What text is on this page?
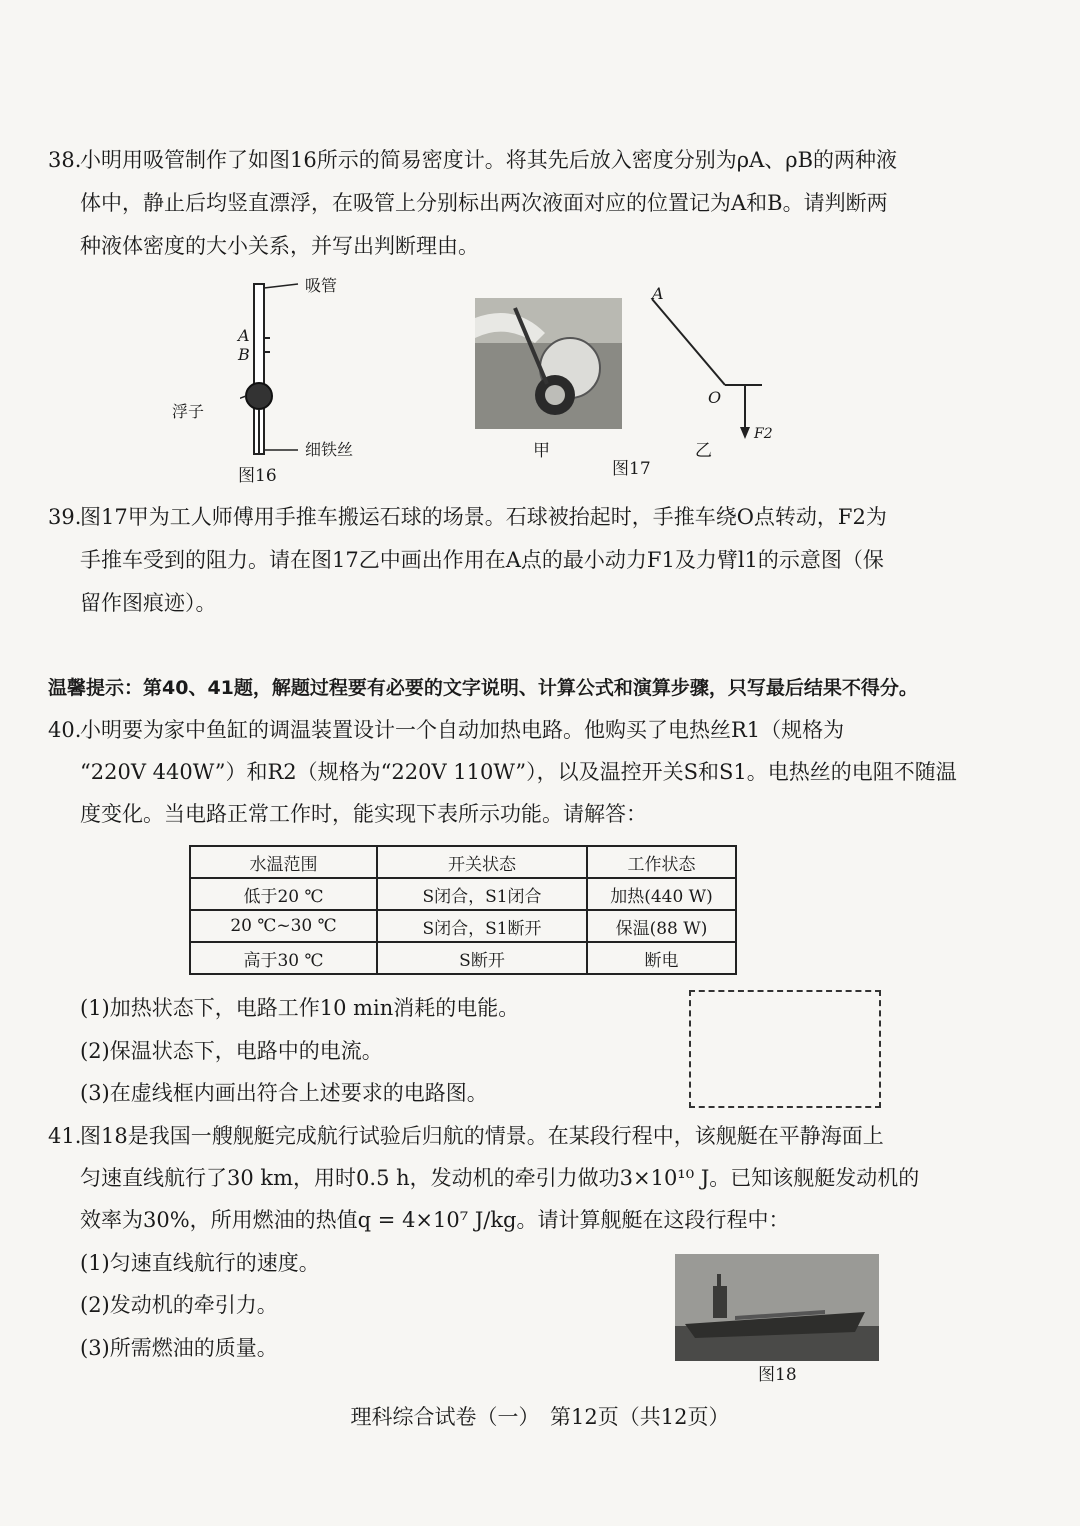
38.
小明用吸管制作了如图16所示的简易密度计。将其先后放入密度分别为ρA、ρB的两种液
体中，静止后均竖直漂浮，在吸管上分别标出两次液面对应的位置记为A和B。请判断两
种液体密度的大小关系，并写出判断理由。
吸管
A
B
浮子
细铁丝
图16
甲
A
O
F2
乙
图17
39.
图17甲为工人师傅用手推车搬运石球的场景。石球被抬起时，手推车绕O点转动，F2为
手推车受到的阻力。请在图17乙中画出作用在A点的最小动力F1及力臂l1的示意图（保
留作图痕迹）。
温馨提示：第40、41题，解题过程要有必要的文字说明、计算公式和演算步骤，只写最后结果不得分。
40.
小明要为家中鱼缸的调温装置设计一个自动加热电路。他购买了电热丝R1（规格为
“220V 440W”）和R2（规格为“220V 110W”），以及温控开关S和S1。电热丝的电阻不随温
度变化。当电路正常工作时，能实现下表所示功能。请解答：
水温范围	开关状态	工作状态
低于20 ℃	S闭合，S1闭合	加热(440 W)
20 ℃~30 ℃	S闭合，S1断开	保温(88 W)
高于30 ℃	S断开	断电
(1)加热状态下，电路工作10 min消耗的电能。
(2)保温状态下，电路中的电流。
(3)在虚线框内画出符合上述要求的电路图。
41.
图18是我国一艘舰艇完成航行试验后归航的情景。在某段行程中，该舰艇在平静海面上
匀速直线航行了30 km，用时0.5 h，发动机的牵引力做功3×10¹⁰ J。已知该舰艇发动机的
效率为30%，所用燃油的热值q = 4×10⁷ J/kg。请计算舰艇在这段行程中：
(1)匀速直线航行的速度。
(2)发动机的牵引力。
(3)所需燃油的质量。
图18
理科综合试卷（一）　第12页（共12页）
